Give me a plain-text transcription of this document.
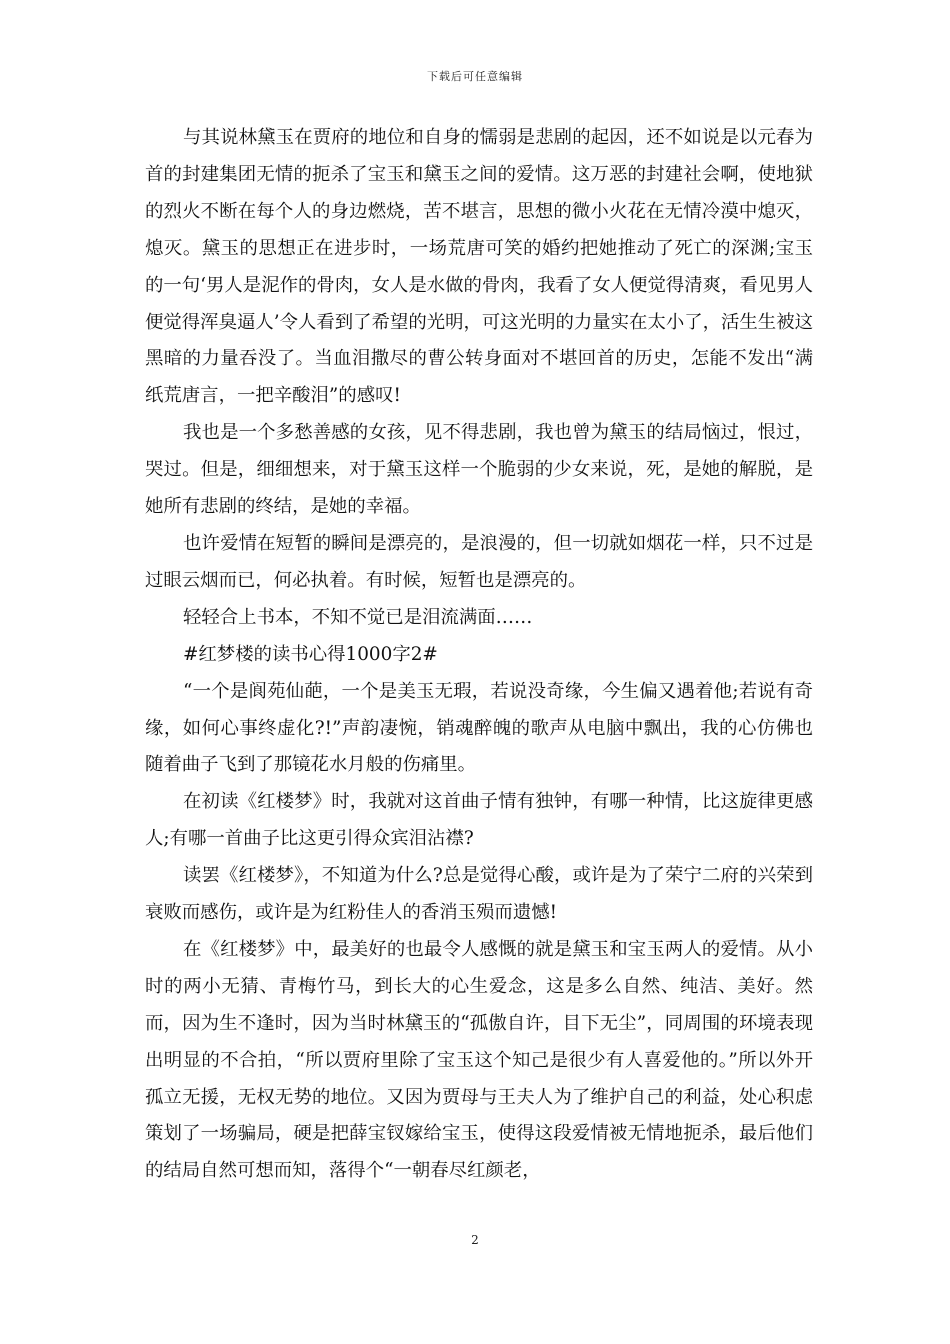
下载后可任意编辑

与其说林黛玉在贾府的地位和自身的懦弱是悲剧的起因，还不如说是以元春为首的封建集团无情的扼杀了宝玉和黛玉之间的爱情。这万恶的封建社会啊，使地狱的烈火不断在每个人的身边燃烧，苦不堪言，思想的微小火花在无情冷漠中熄灭，熄灭。黛玉的思想正在进步时，一场荒唐可笑的婚约把她推动了死亡的深渊;宝玉的一句‘男人是泥作的骨肉，女人是水做的骨肉，我看了女人便觉得清爽，看见男人便觉得浑臭逼人’令人看到了希望的光明，可这光明的力量实在太小了，活生生被这黑暗的力量吞没了。当血泪撒尽的曹公转身面对不堪回首的历史，怎能不发出“满纸荒唐言，一把辛酸泪”的感叹!

我也是一个多愁善感的女孩，见不得悲剧，我也曾为黛玉的结局恼过，恨过，哭过。但是，细细想来，对于黛玉这样一个脆弱的少女来说，死，是她的解脱，是她所有悲剧的终结，是她的幸福。

也许爱情在短暂的瞬间是漂亮的，是浪漫的，但一切就如烟花一样，只不过是过眼云烟而已，何必执着。有时候，短暂也是漂亮的。

轻轻合上书本，不知不觉已是泪流满面……

#红梦楼的读书心得1000字2#

“一个是阆苑仙葩，一个是美玉无瑕，若说没奇缘，今生偏又遇着他;若说有奇缘，如何心事终虚化?!”声韵凄惋，销魂醉魄的歌声从电脑中飘出，我的心仿佛也随着曲子飞到了那镜花水月般的伤痛里。

在初读《红楼梦》时，我就对这首曲子情有独钟，有哪一种情，比这旋律更感人;有哪一首曲子比这更引得众宾泪沾襟?

读罢《红楼梦》，不知道为什么?总是觉得心酸，或许是为了荣宁二府的兴荣到衰败而感伤，或许是为红粉佳人的香消玉殒而遗憾!

在《红楼梦》中，最美好的也最令人感慨的就是黛玉和宝玉两人的爱情。从小时的两小无猜、青梅竹马，到长大的心生爱念，这是多么自然、纯洁、美好。然而，因为生不逢时，因为当时林黛玉的“孤傲自许，目下无尘”，同周围的环境表现出明显的不合拍，“所以贾府里除了宝玉这个知己是很少有人喜爱他的。”所以外开孤立无援，无权无势的地位。又因为贾母与王夫人为了维护自己的利益，处心积虑策划了一场骗局，硬是把薛宝钗嫁给宝玉，使得这段爱情被无情地扼杀，最后他们的结局自然可想而知，落得个“一朝春尽红颜老，

2
